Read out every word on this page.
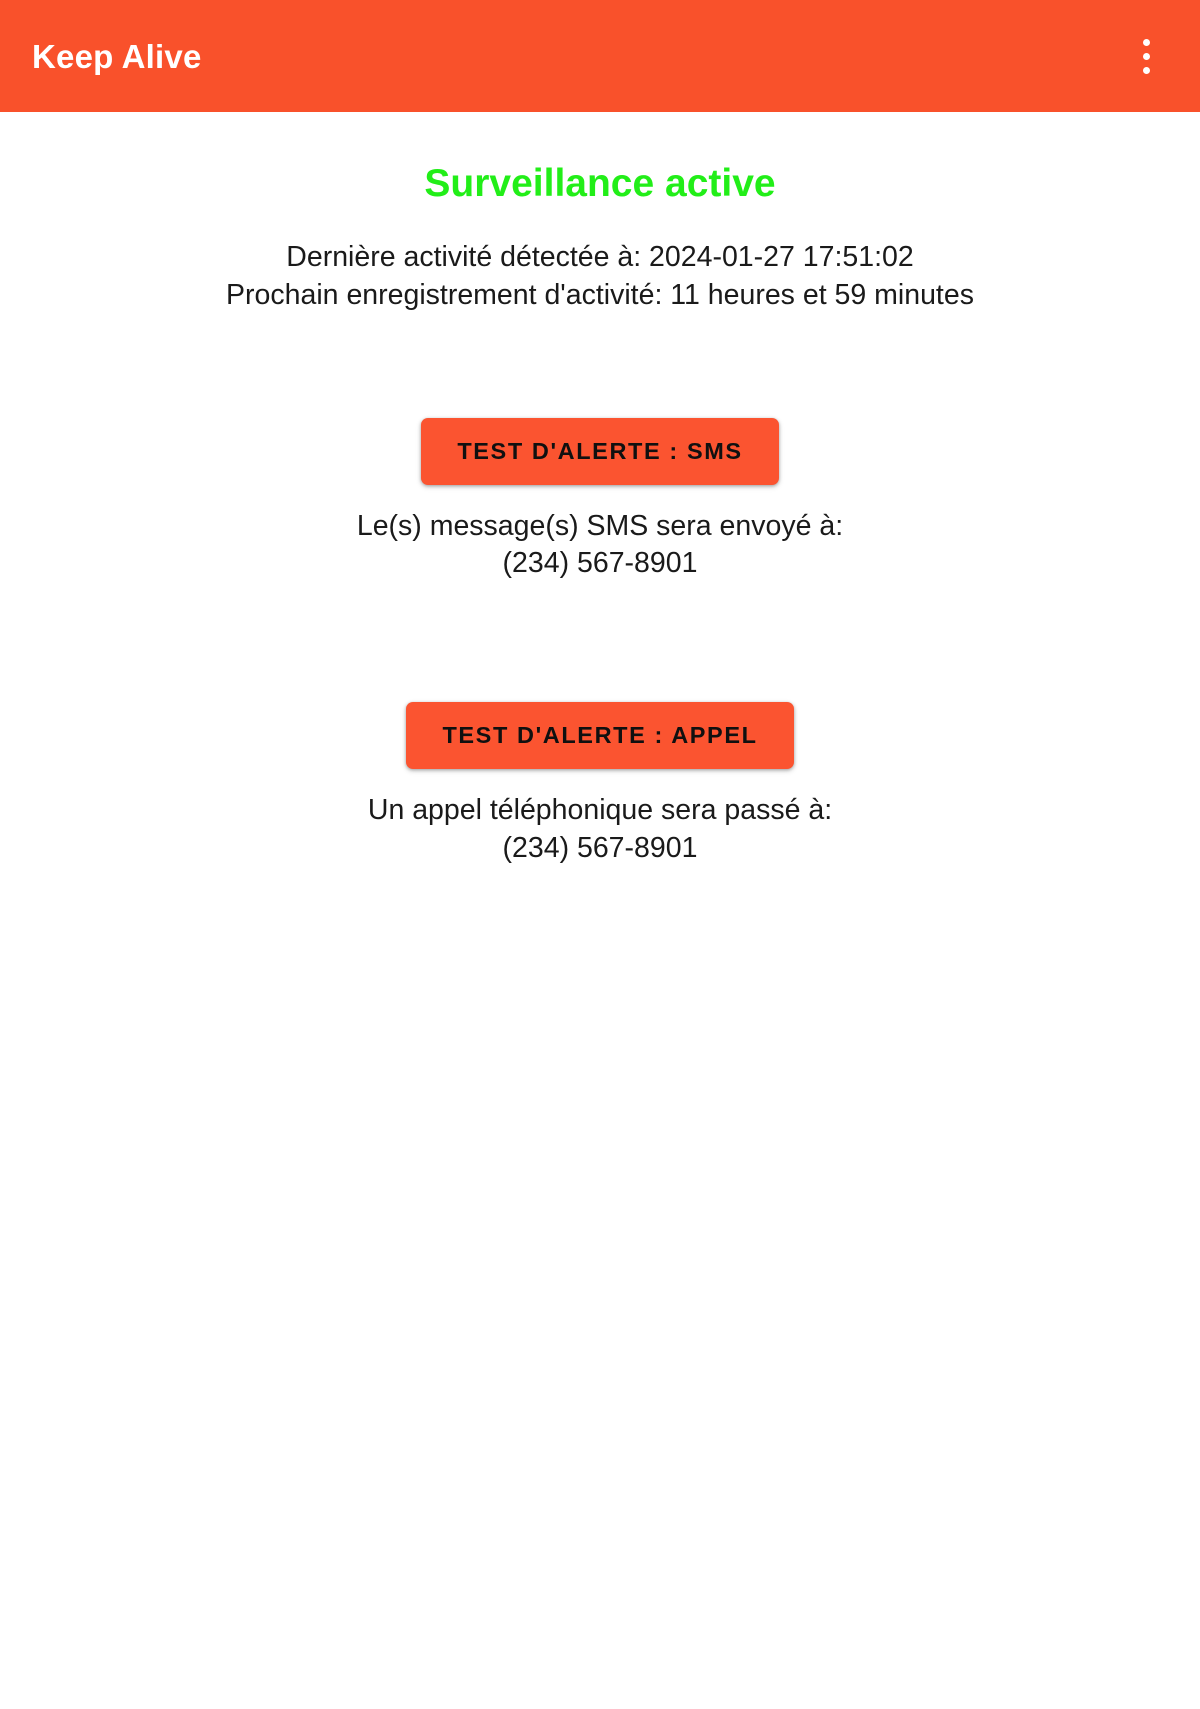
Keep Alive
Surveillance active
Dernière activité détectée à: 2024-01-27 17:51:02
Prochain enregistrement d'activité: 11 heures et 59 minutes
TEST D'ALERTE : SMS
Le(s) message(s) SMS sera envoyé à:
(234) 567-8901
TEST D'ALERTE : APPEL
Un appel téléphonique sera passé à:
(234) 567-8901
